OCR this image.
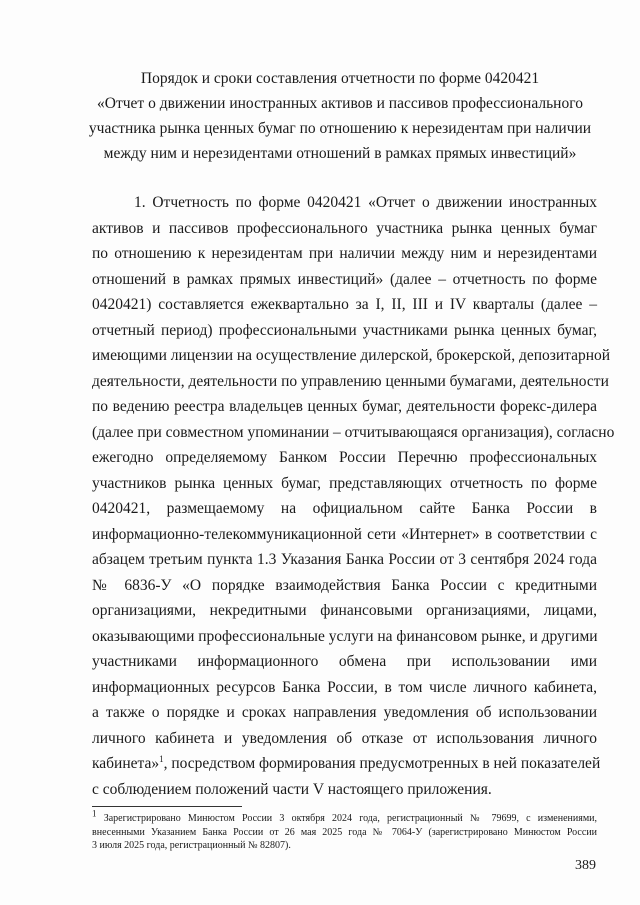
Порядок и сроки составления отчетности по форме 0420421
«Отчет о движении иностранных активов и пассивов профессионального
участника рынка ценных бумаг по отношению к нерезидентам при наличии
между ним и нерезидентами отношений в рамках прямых инвестиций»
1. Отчетность по форме 0420421 «Отчет о движении иностранных
активов и пассивов профессионального участника рынка ценных бумаг
по отношению к нерезидентам при наличии между ним и нерезидентами
отношений в рамках прямых инвестиций» (далее – отчетность по форме
0420421) составляется ежеквартально за I, II, III и IV кварталы (далее –
отчетный период) профессиональными участниками рынка ценных бумаг,
имеющими лицензии на осуществление дилерской, брокерской, депозитарной
деятельности, деятельности по управлению ценными бумагами, деятельности
по ведению реестра владельцев ценных бумаг, деятельности форекс-дилера
(далее при совместном упоминании – отчитывающаяся организация), согласно
ежегодно определяемому Банком России Перечню профессиональных
участников рынка ценных бумаг, представляющих отчетность по форме
0420421, размещаемому на официальном сайте Банка России в
информационно-телекоммуникационной сети «Интернет» в соответствии с
абзацем третьим пункта 1.3 Указания Банка России от 3 сентября 2024 года
№ 6836-У «О порядке взаимодействия Банка России с кредитными
организациями, некредитными финансовыми организациями, лицами,
оказывающими профессиональные услуги на финансовом рынке, и другими
участниками информационного обмена при использовании ими
информационных ресурсов Банка России, в том числе личного кабинета,
а также о порядке и сроках направления уведомления об использовании
личного кабинета и уведомления об отказе от использования личного
кабинета»$^1$, посредством формирования предусмотренных в ней показателей
с соблюдением положений части V настоящего приложения.
$^1$ Зарегистрировано Минюстом России 3 октября 2024 года, регистрационный № 79699, с изменениями,
внесенными Указанием Банка России от 26 мая 2025 года № 7064-У (зарегистрировано Минюстом России
3 июля 2025 года, регистрационный № 82807).
389
